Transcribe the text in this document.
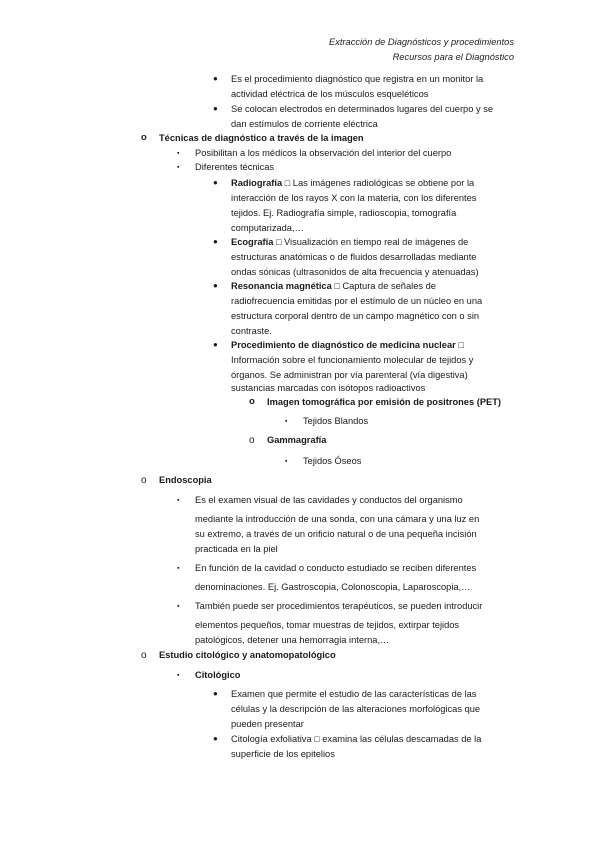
Extracción de Diagnósticos y procedimientos
Recursos para el Diagnóstico
● Es el procedimiento diagnóstico que registra en un monitor la
actividad eléctrica de los músculos esqueléticos
● Se colocan electrodos en determinados lugares del cuerpo y se
dan estímulos de corriente eléctrica
o Técnicas de diagnóstico a través de la imagen
▪ Posibilitan a los médicos la observación del interior del cuerpo
▪ Diferentes técnicas
● Radiografía □ Las imágenes radiológicas se obtiene por la
interacción de los rayos X con la materia, con los diferentes
tejidos. Ej. Radiografía simple, radioscopia, tomografía
computarizada,…
● Ecografía □ Visualización en tiempo real de imágenes de
estructuras anatómicas o de fluidos desarrolladas mediante
ondas sónicas (ultrasonidos de alta frecuencia y atenuadas)
● Resonancia magnética □ Captura de señales de
radiofrecuencia emitidas por el estímulo de un núcleo en una
estructura corporal dentro de un campo magnético con o sin
contraste.
● Procedimiento de diagnóstico de medicina nuclear □
Información sobre el funcionamiento molecular de tejidos y
órganos. Se administran por vía parenteral (vía digestiva)
sustancias marcadas con isótopos radioactivos
o Imagen tomográfica por emisión de positrones (PET)
▪ Tejidos Blandos
o Gammagrafía
▪ Tejidos Óseos
o Endoscopia
▪ Es el examen visual de las cavidades y conductos del organismo
mediante la introducción de una sonda, con una cámara y una luz en
su extremo, a través de un orificio natural o de una pequeña incisión
practicada en la piel
▪ En función de la cavidad o conducto estudiado se reciben diferentes
denominaciones. Ej. Gastroscopia, Colonoscopia, Laparoscopia,…
▪ También puede ser procedimientos terapéuticos, se pueden introducir
elementos pequeños, tomar muestras de tejidos, extirpar tejidos
patológicos, detener una hemorragia interna,…
o Estudio citológico y anatomopatológico
▪ Citológico
● Examen que permite el estudio de las características de las
células y la descripción de las alteraciones morfológicas que
pueden presentar
● Citología exfoliativa □ examina las células descamadas de la
superficie de los epitelios
